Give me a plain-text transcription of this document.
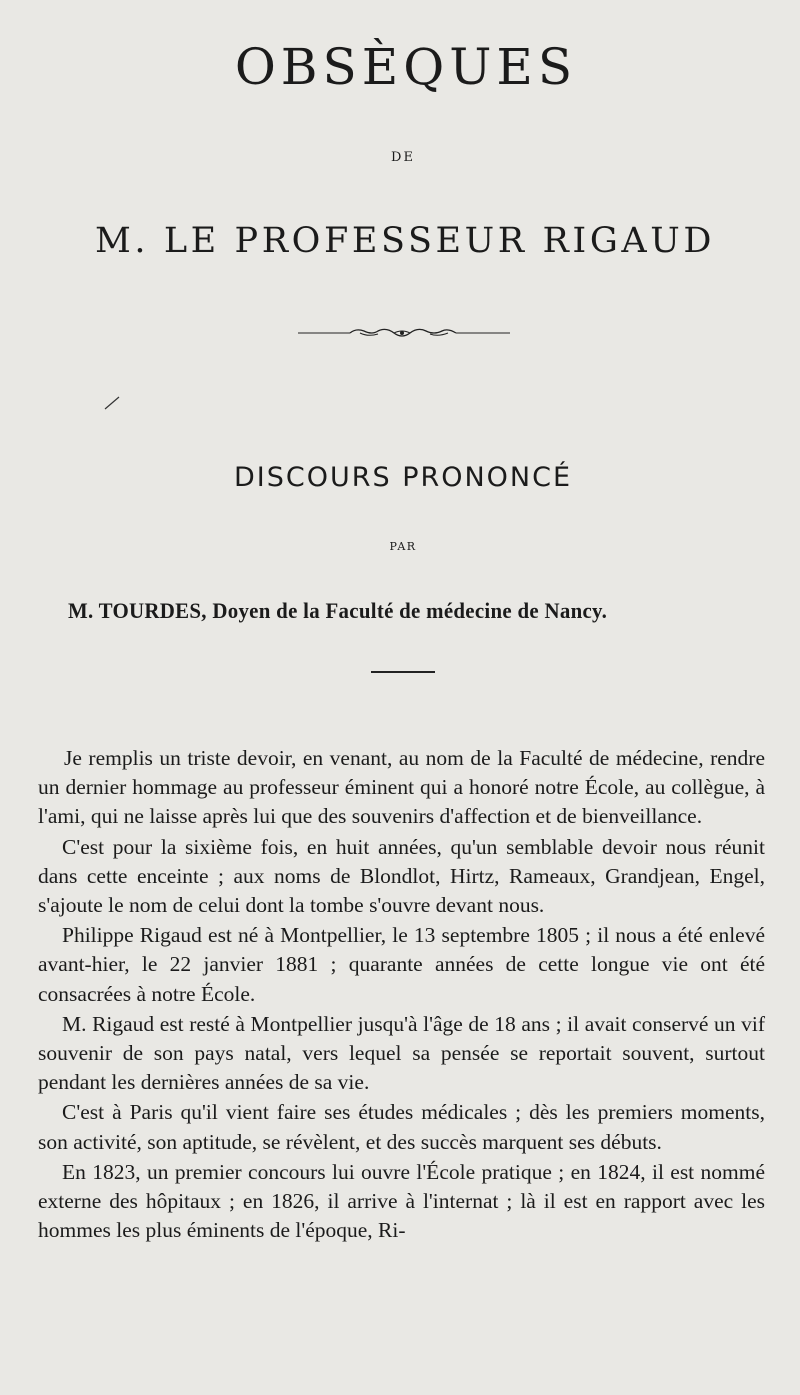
OBSÈQUES
DE
M. LE PROFESSEUR RIGAUD
DISCOURS PRONONCÉ
PAR
M. TOURDES, Doyen de la Faculté de médecine de Nancy.

Je remplis un triste devoir, en venant, au nom de la Faculté de médecine, rendre un dernier hommage au professeur éminent qui a honoré notre École, au collègue, à l'ami, qui ne laisse après lui que des souvenirs d'affection et de bienveillance.

C'est pour la sixième fois, en huit années, qu'un semblable devoir nous réunit dans cette enceinte ; aux noms de Blondlot, Hirtz, Rameaux, Grandjean, Engel, s'ajoute le nom de celui dont la tombe s'ouvre devant nous.

Philippe Rigaud est né à Montpellier, le 13 septembre 1805 ; il nous a été enlevé avant-hier, le 22 janvier 1881 ; quarante années de cette longue vie ont été consacrées à notre École.

M. Rigaud est resté à Montpellier jusqu'à l'âge de 18 ans ; il avait conservé un vif souvenir de son pays natal, vers lequel sa pensée se reportait souvent, surtout pendant les dernières années de sa vie.

C'est à Paris qu'il vient faire ses études médicales ; dès les premiers moments, son activité, son aptitude, se révèlent, et des succès marquent ses débuts.

En 1823, un premier concours lui ouvre l'École pratique ; en 1824, il est nommé externe des hôpitaux ; en 1826, il arrive à l'internat ; là il est en rapport avec les hommes les plus éminents de l'époque, Ri-
